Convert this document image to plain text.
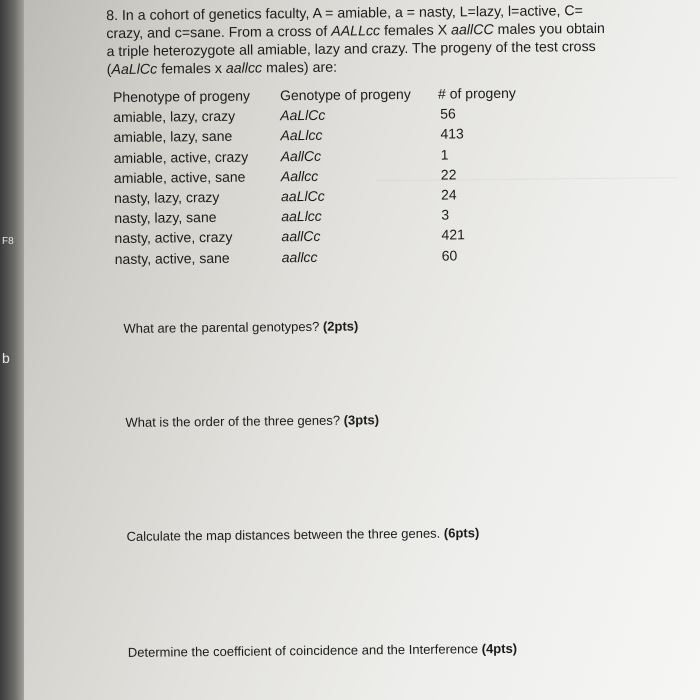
F8
b
8. In a cohort of genetics faculty, A = amiable, a = nasty, L=lazy, l=active, C=
crazy, and c=sane. From a cross of AALLcc females X aallCC males you obtain
a triple heterozygote all amiable, lazy and crazy. The progeny of the test cross
(AaLlCc females x aallcc males) are:
Phenotype of progeny
amiable, lazy, crazy
amiable, lazy, sane
amiable, active, crazy
amiable, active, sane
nasty, lazy, crazy
nasty, lazy, sane
nasty, active, crazy
nasty, active, sane
Genotype of progeny
AaLlCc
AaLlcc
AallCc
Aallcc
aaLlCc
aaLlcc
aallCc
aallcc
# of progeny
56
413
1
22
24
3
421
60
What are the parental genotypes? (2pts)
What is the order of the three genes? (3pts)
Calculate the map distances between the three genes. (6pts)
Determine the coefficient of coincidence and the Interference (4pts)
